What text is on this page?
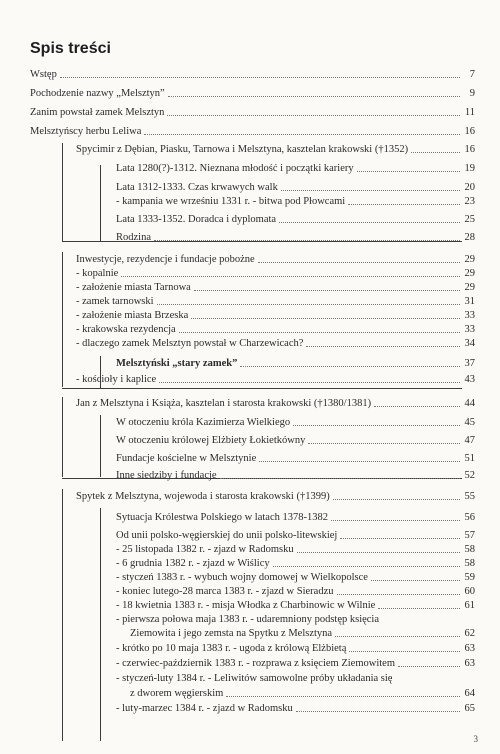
Spis treści
Wstęp	7
Pochodzenie nazwy „Melsztyn”	9
Zanim powstał zamek Melsztyn	11
Melsztyńscy herbu Leliwa	16
Spycimir z Dębian, Piasku, Tarnowa i Melsztyna, kasztelan krakowski (†1352)	16
Lata 1280(?)-1312. Nieznana młodość i początki kariery	19
Lata 1312-1333. Czas krwawych walk	20
- kampania we wrześniu 1331 r. - bitwa pod Płowcami	23
Lata 1333-1352. Doradca i dyplomata	25
Rodzina	28
Inwestycje, rezydencje i fundacje pobożne	29
- kopalnie	29
- założenie miasta Tarnowa	29
- zamek tarnowski	31
- założenie miasta Brzeska	33
- krakowska rezydencja	33
- dlaczego zamek Melsztyn powstał w Charzewicach?	34
Melsztyński „stary zamek”	37
- kościoły i kaplice	43
Jan z Melsztyna i Książa, kasztelan i starosta krakowski (†1380/1381)	44
W otoczeniu króla Kazimierza Wielkiego	45
W otoczeniu królowej Elżbiety Łokietkówny	47
Fundacje kościelne w Melsztynie	51
Inne siedziby i fundacje	52
Spytek z Melsztyna, wojewoda i starosta krakowski (†1399)	55
Sytuacja Królestwa Polskiego w latach 1378-1382	56
Od unii polsko-węgierskiej do unii polsko-litewskiej	57
- 25 listopada 1382 r. - zjazd w Radomsku	58
- 6 grudnia 1382 r. - zjazd w Wiślicy	58
- styczeń 1383 r. - wybuch wojny domowej w Wielkopolsce	59
- koniec lutego-28 marca 1383 r. - zjazd w Sieradzu	60
- 18 kwietnia 1383 r. - misja Włodka z Charbinowic w Wilnie	61
- pierwsza połowa maja 1383 r. - udaremniony podstęp księcia
Ziemowita i jego zemsta na Spytku z Melsztyna	62
- krótko po 10 maja 1383 r. - ugoda z królową Elżbietą	63
- czerwiec-październik 1383 r. - rozprawa z księciem Ziemowitem	63
- styczeń-luty 1384 r. - Leliwitów samowolne próby układania się
z dworem węgierskim	64
- luty-marzec 1384 r. - zjazd w Radomsku	65
3
